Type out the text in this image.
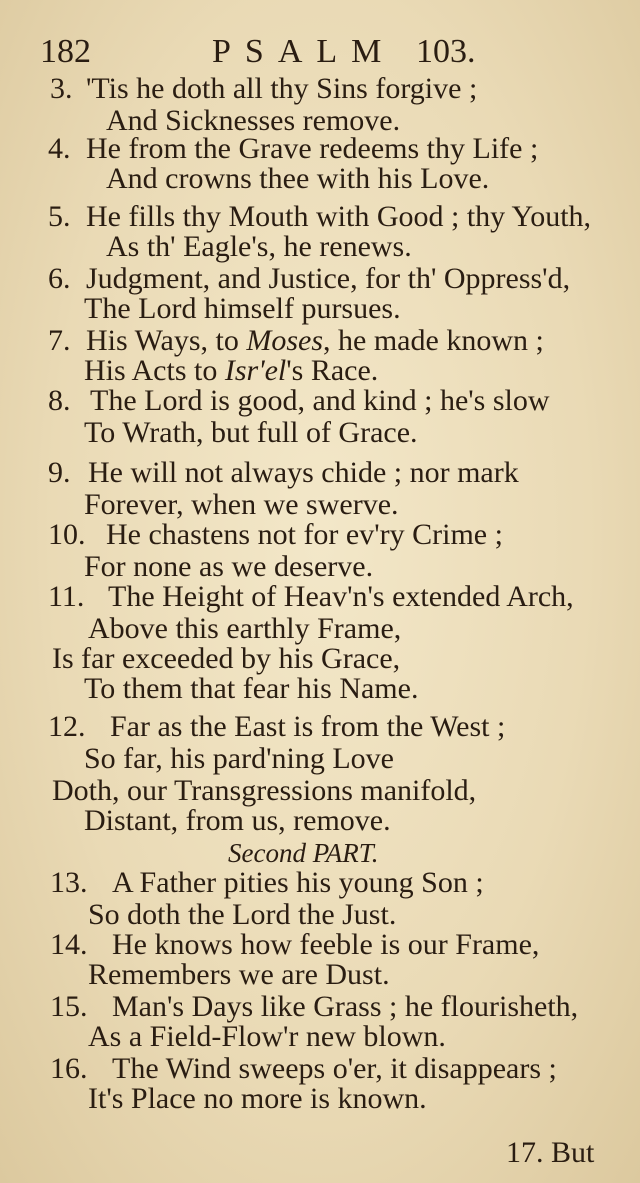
182	PSALM 103.
3. 'Tis he doth all thy Sins forgive ;
And Sicknesses remove.
4. He from the Grave redeems thy Life ;
And crowns thee with his Love.
5. He fills thy Mouth with Good ; thy Youth,
As th' Eagle's, he renews.
6. Judgment, and Justice, for th' Oppress'd,
The Lord himself pursues.
7. His Ways, to Moses, he made known ;
His Acts to Isr'el's Race.
8. The Lord is good, and kind ; he's slow
To Wrath, but full of Grace.
9. He will not always chide ; nor mark
Forever, when we swerve.
10. He chastens not for ev'ry Crime ;
For none as we deserve.
11. The Height of Heav'n's extended Arch,
Above this earthly Frame,
Is far exceeded by his Grace,
To them that fear his Name.
12. Far as the East is from the West ;
So far, his pard'ning Love
Doth, our Transgressions manifold,
Distant, from us, remove.
Second PART.
13. A Father pities his young Son ;
So doth the Lord the Just.
14. He knows how feeble is our Frame,
Remembers we are Dust.
15. Man's Days like Grass ; he flourisheth,
As a Field-Flow'r new blown.
16. The Wind sweeps o'er, it disappears ;
It's Place no more is known.
17. But
